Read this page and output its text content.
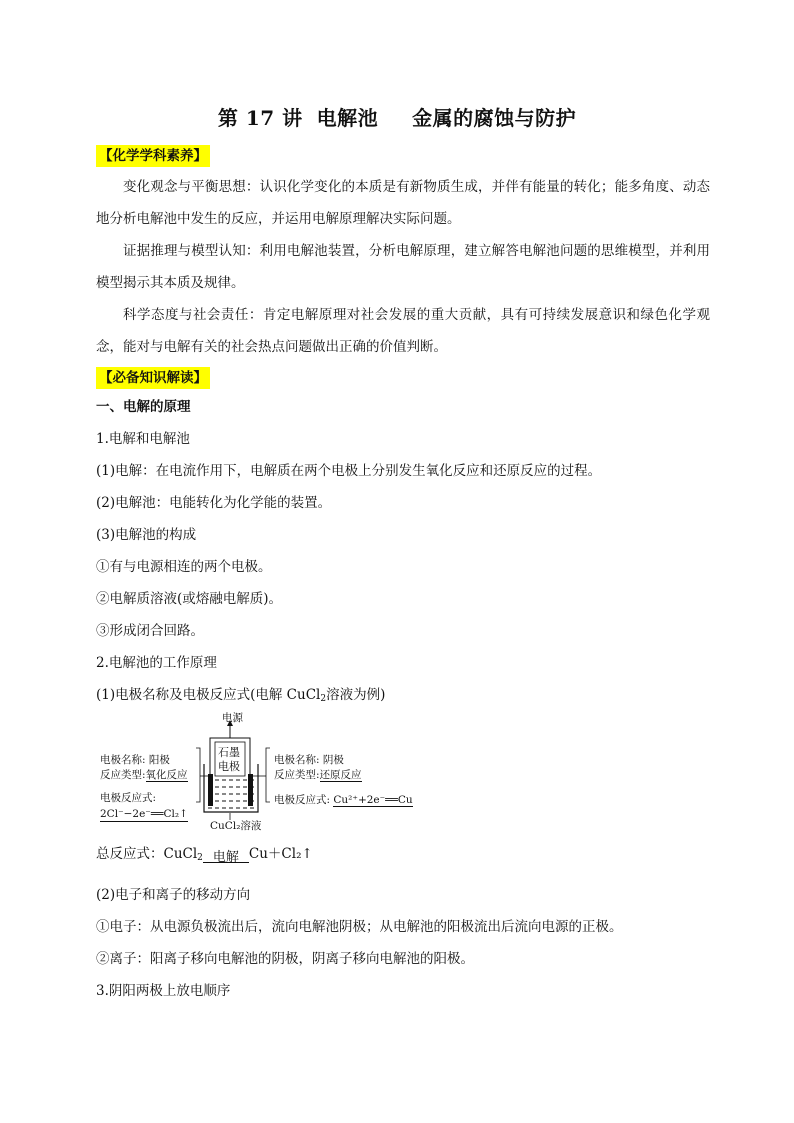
第 17 讲 电解池 金属的腐蚀与防护
【化学学科素养】
变化观念与平衡思想：认识化学变化的本质是有新物质生成，并伴有能量的转化；能多角度、动态地分析电解池中发生的反应，并运用电解原理解决实际问题。
证据推理与模型认知：利用电解池装置，分析电解原理，建立解答电解池问题的思维模型，并利用模型揭示其本质及规律。
科学态度与社会责任：肯定电解原理对社会发展的重大贡献，具有可持续发展意识和绿色化学观念，能对与电解有关的社会热点问题做出正确的价值判断。
【必备知识解读】
一、电解的原理
1.电解和电解池
(1)电解：在电流作用下，电解质在两个电极上分别发生氧化反应和还原反应的过程。
(2)电解池：电能转化为化学能的装置。
(3)电解池的构成
①有与电源相连的两个电极。
②电解质溶液(或熔融电解质)。
③形成闭合回路。
2.电解池的工作原理
(1)电极名称及电极反应式(电解 CuCl$_2$溶液为例)
电源
石墨
电极
电极名称: 阳极
反应类型:氧化反应
电极反应式:
2Cl⁻−2e⁻══Cl₂↑
电极名称: 阴极
反应类型:还原反应
电极反应式: Cu²⁺+2e⁻══Cu
CuCl₂溶液
总反应式：CuCl$_2$ 电解 Cu＋Cl₂↑
(2)电子和离子的移动方向
①电子：从电源负极流出后，流向电解池阴极；从电解池的阳极流出后流向电源的正极。
②离子：阳离子移向电解池的阴极，阴离子移向电解池的阳极。
3.阴阳两极上放电顺序
